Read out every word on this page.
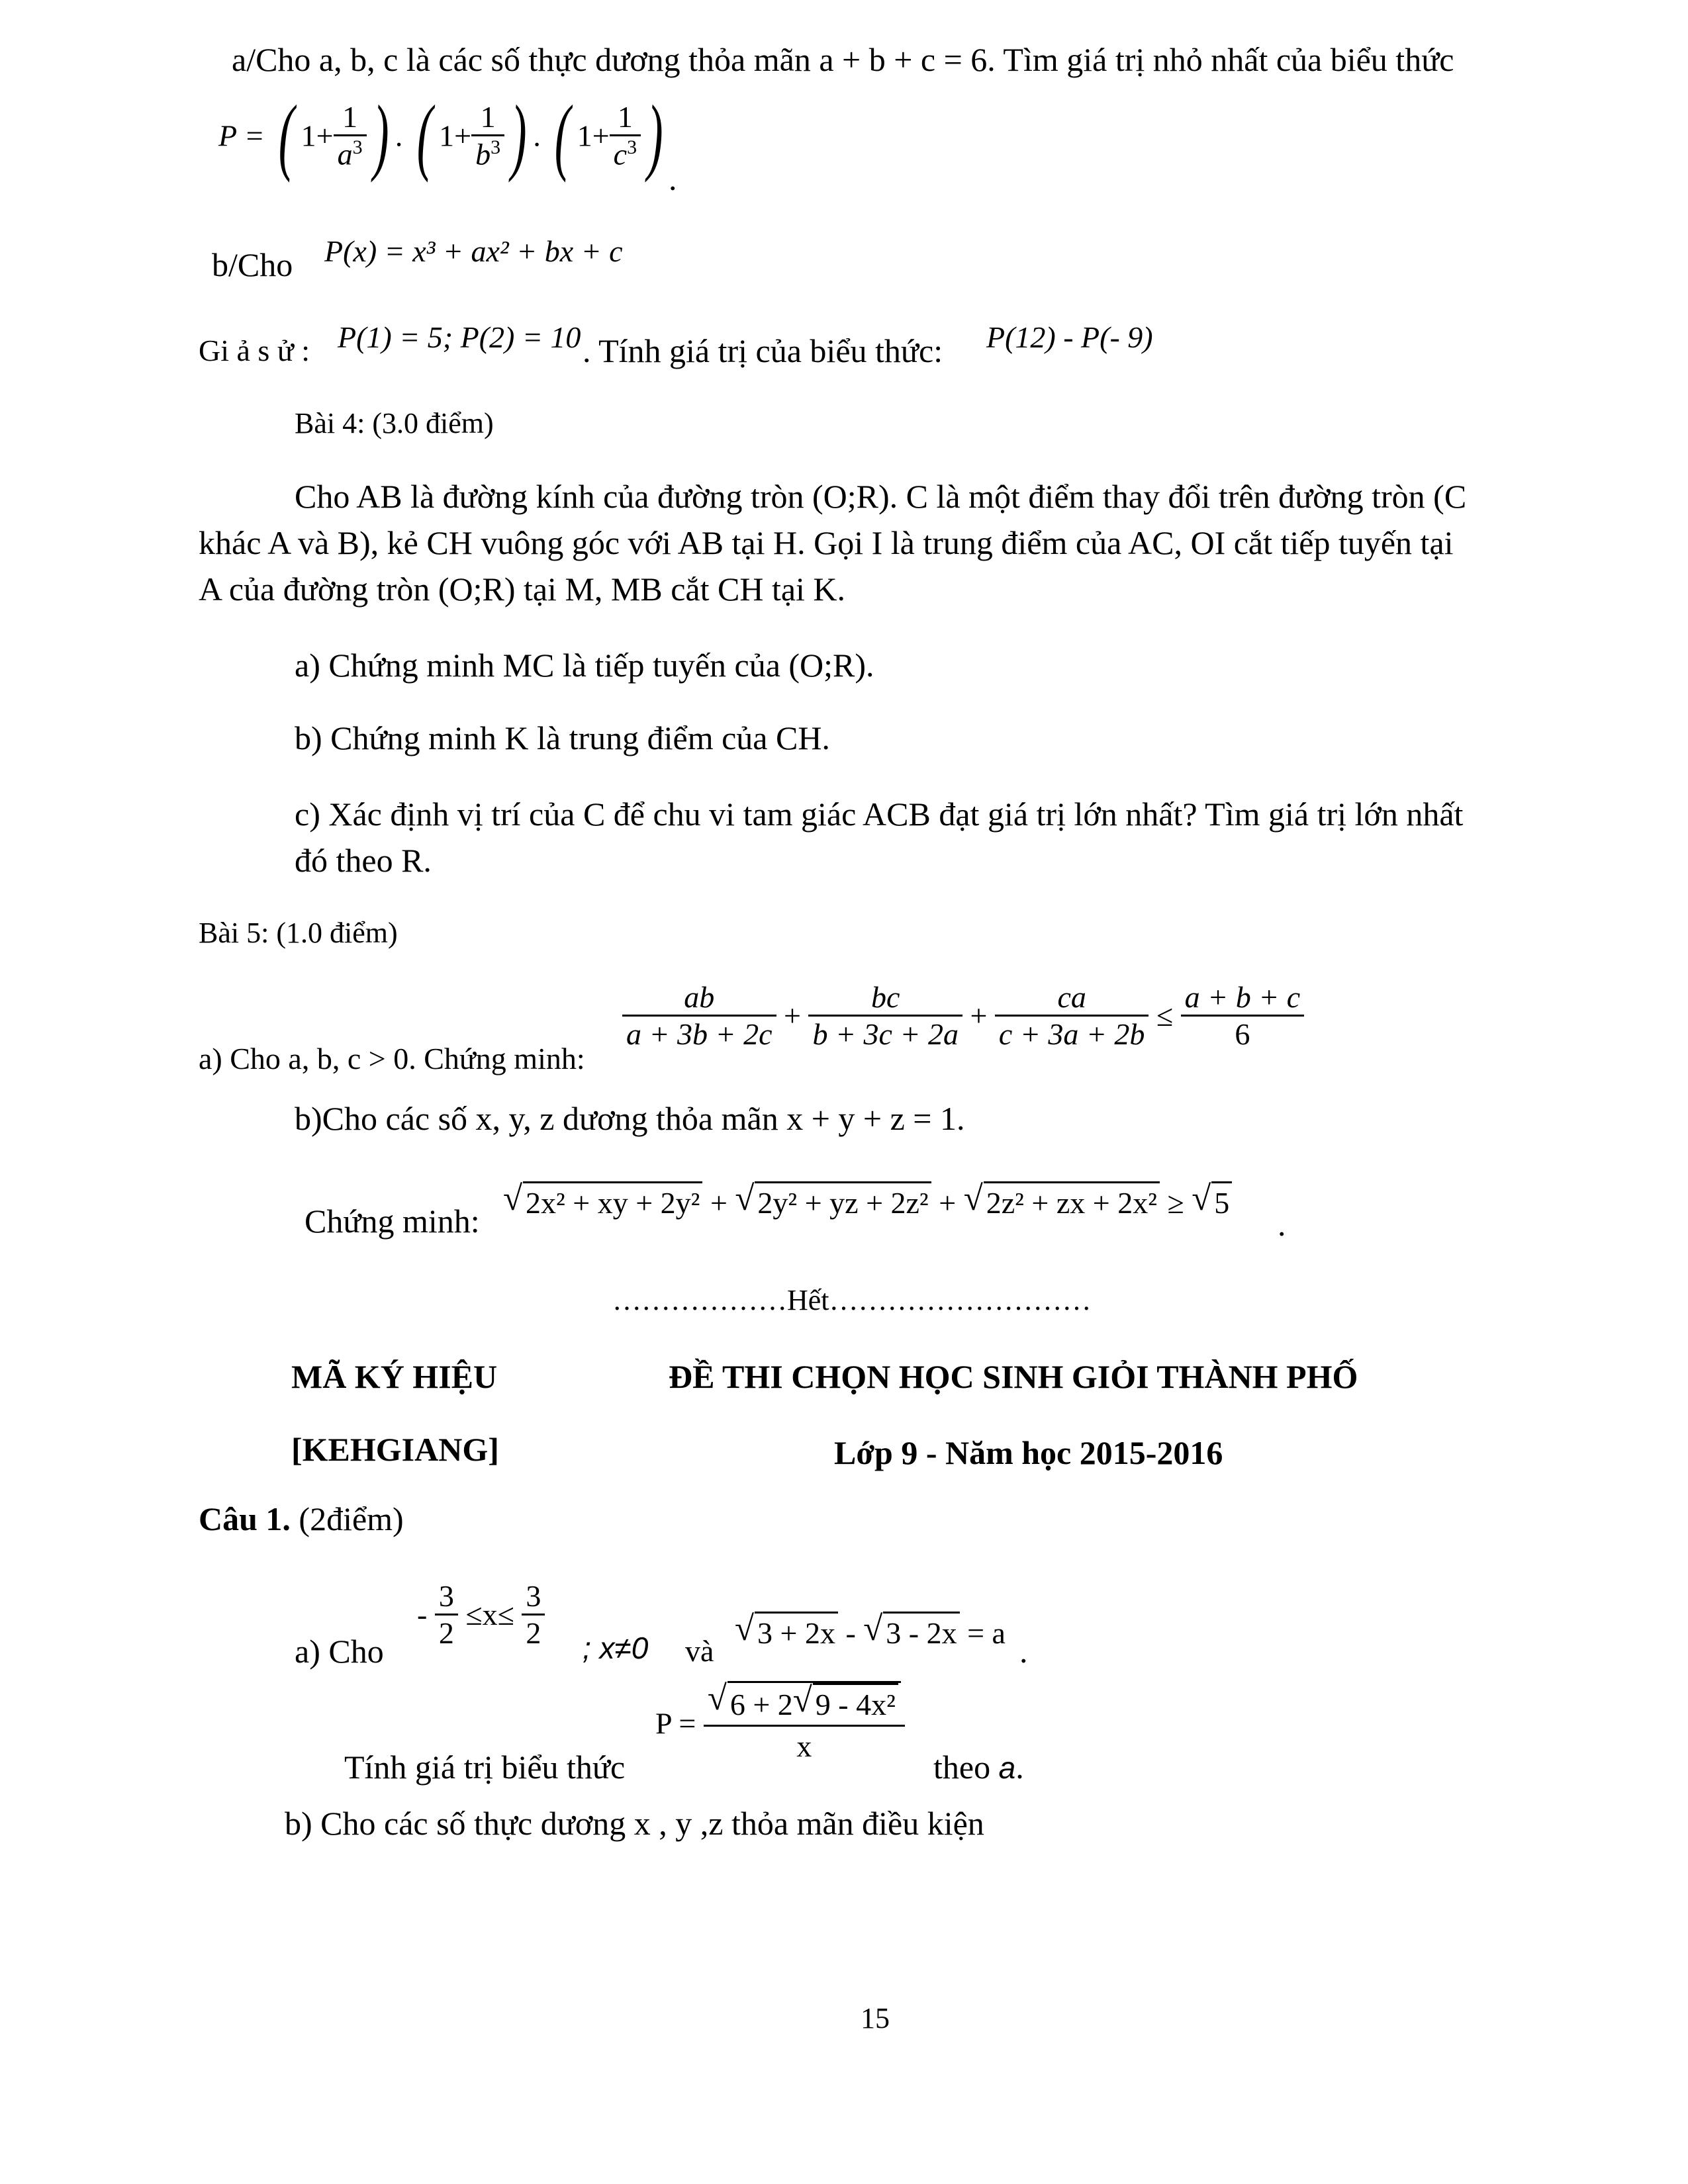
a/Cho a, b, c là các số thực dương thỏa mãn a + b + c = 6. Tìm giá trị nhỏ nhất của biểu thức
P = ( $1+ \frac{1}{a^3}$ ) . ( $1+ \frac{1}{b^3}$ ) . ( $1+ \frac{1}{c^3}$ ) .
b/Cho P(x) = x³ + ax² + bx + c
Gi ả s ử : P(1) = 5; P(2) = 10 . Tính giá trị của biểu thức: P(12) - P(- 9)
Bài 4: (3.0 điểm)
Cho AB là đường kính của đường tròn (O;R). C là một điểm thay đổi trên đường tròn (C
khác A và B), kẻ CH vuông góc với AB tại H. Gọi I là trung điểm của AC, OI cắt tiếp tuyến tại
A của đường tròn (O;R) tại M, MB cắt CH tại K.
a) Chứng minh MC là tiếp tuyến của (O;R).
b) Chứng minh K là trung điểm của CH.
c) Xác định vị trí của C để chu vi tam giác ACB đạt giá trị lớn nhất? Tìm giá trị lớn nhất
đó theo R.
Bài 5: (1.0 điểm)
a) Cho a, b, c > 0. Chứng minh:
$\frac{ab}{a + 3b + 2c} + \frac{bc}{b + 3c + 2a} + \frac{ca}{c + 3a + 2b} \le \frac{a + b + c}{6}$
b)Cho các số x, y, z dương thỏa mãn x + y + z = 1.
Chứng minh:
√ 2x² + xy + 2y² + √ 2y² + yz + 2z² + √ 2z² + zx + 2x² ≥ √ 5
.
………………Hết………………………
MÃ KÝ HIỆU	ĐỀ THI CHỌN HỌC SINH GIỎI THÀNH PHỐ
[KEHGIANG]	Lớp 9 - Năm học 2015-2016
Câu 1. (2điểm)
a) Cho
- $\frac{3}{2} \le x\le \frac{3}{2}$ ; x≠0 và
√ 3 + 2x - √ 3 - 2x = a .
Tính giá trị biểu thức
$P = \frac{\text{√ 6 + 2 √ 9 - 4x²}}{x}$
theo a.
b) Cho các số thực dương x , y ,z thỏa mãn điều kiện
15
